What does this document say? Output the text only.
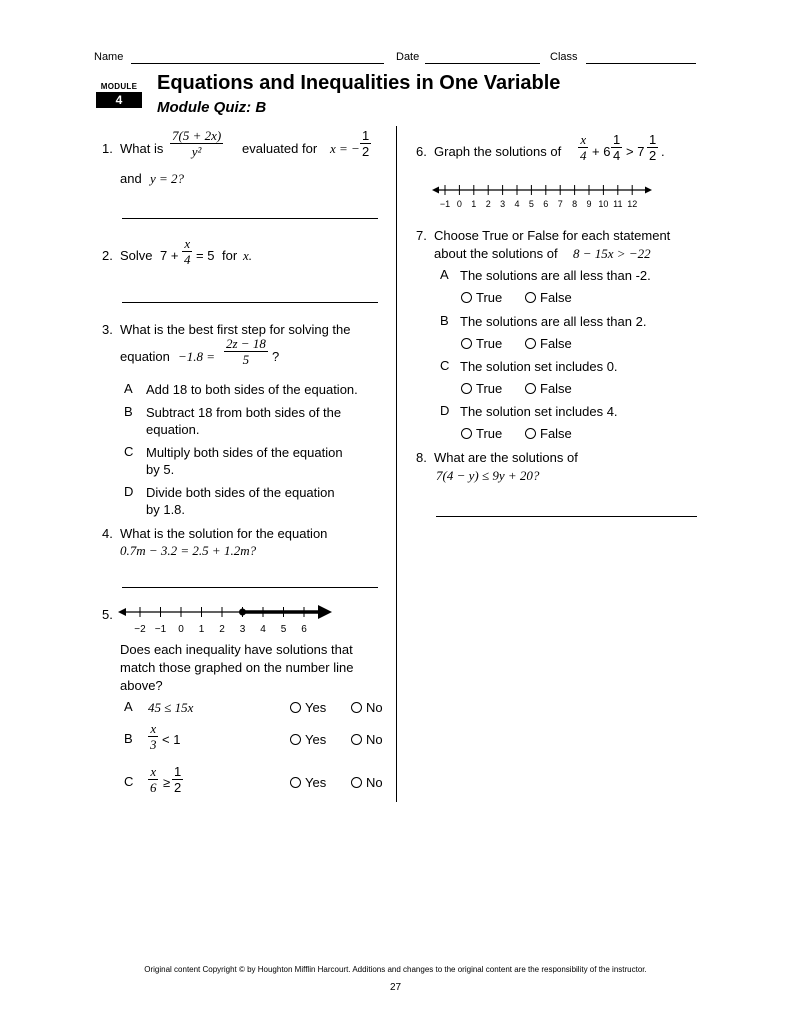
Name	Date	Class
MODULE
4
Equations and Inequalities in One Variable
Module Quiz: B
1. What is $\frac{7(5 + 2x)}{\text{y²}}$ evaluated for x = − $\frac{1}{2}$
and y = 2?
2. Solve $7 + \frac{x}{4} = 5$ for x.
3. What is the best first step for solving the
equation $-1.8 = \frac{2z - 18}{5}$ ?
A Add 18 to both sides of the equation.
B Subtract 18 from both sides of the
equation.
C Multiply both sides of the equation
by 5.
D Divide both sides of the equation
by 1.8.
4. What is the solution for the equation
0.7m − 3.2 = 2.5 + 1.2m?
5.
−2 −1 0 1 2 3 4 5 6
Does each inequality have solutions that
match those graphed on the number line
above?
A 45 ≤ 15x	Yes	No
B $\frac{x}{3} < 1$	Yes	No
C $\frac{x}{6} \ge \frac{1}{2}$	Yes	No
6. Graph the solutions of $\frac{x}{4} + 6 \frac{1}{4} > 7 \frac{1}{2}$ .
−1 0 1 2 3 4 5 6 7 8 9 10 11 12
7. Choose True or False for each statement
about the solutions of 8 − 15x > −22
A The solutions are all less than -2.
True	False
B The solutions are all less than 2.
True	False
C The solution set includes 0.
True	False
D The solution set includes 4.
True	False
8. What are the solutions of
7(4 − y) ≤ 9y + 20?
Original content Copyright © by Houghton Mifflin Harcourt. Additions and changes to the original content are the responsibility of the instructor.
27
